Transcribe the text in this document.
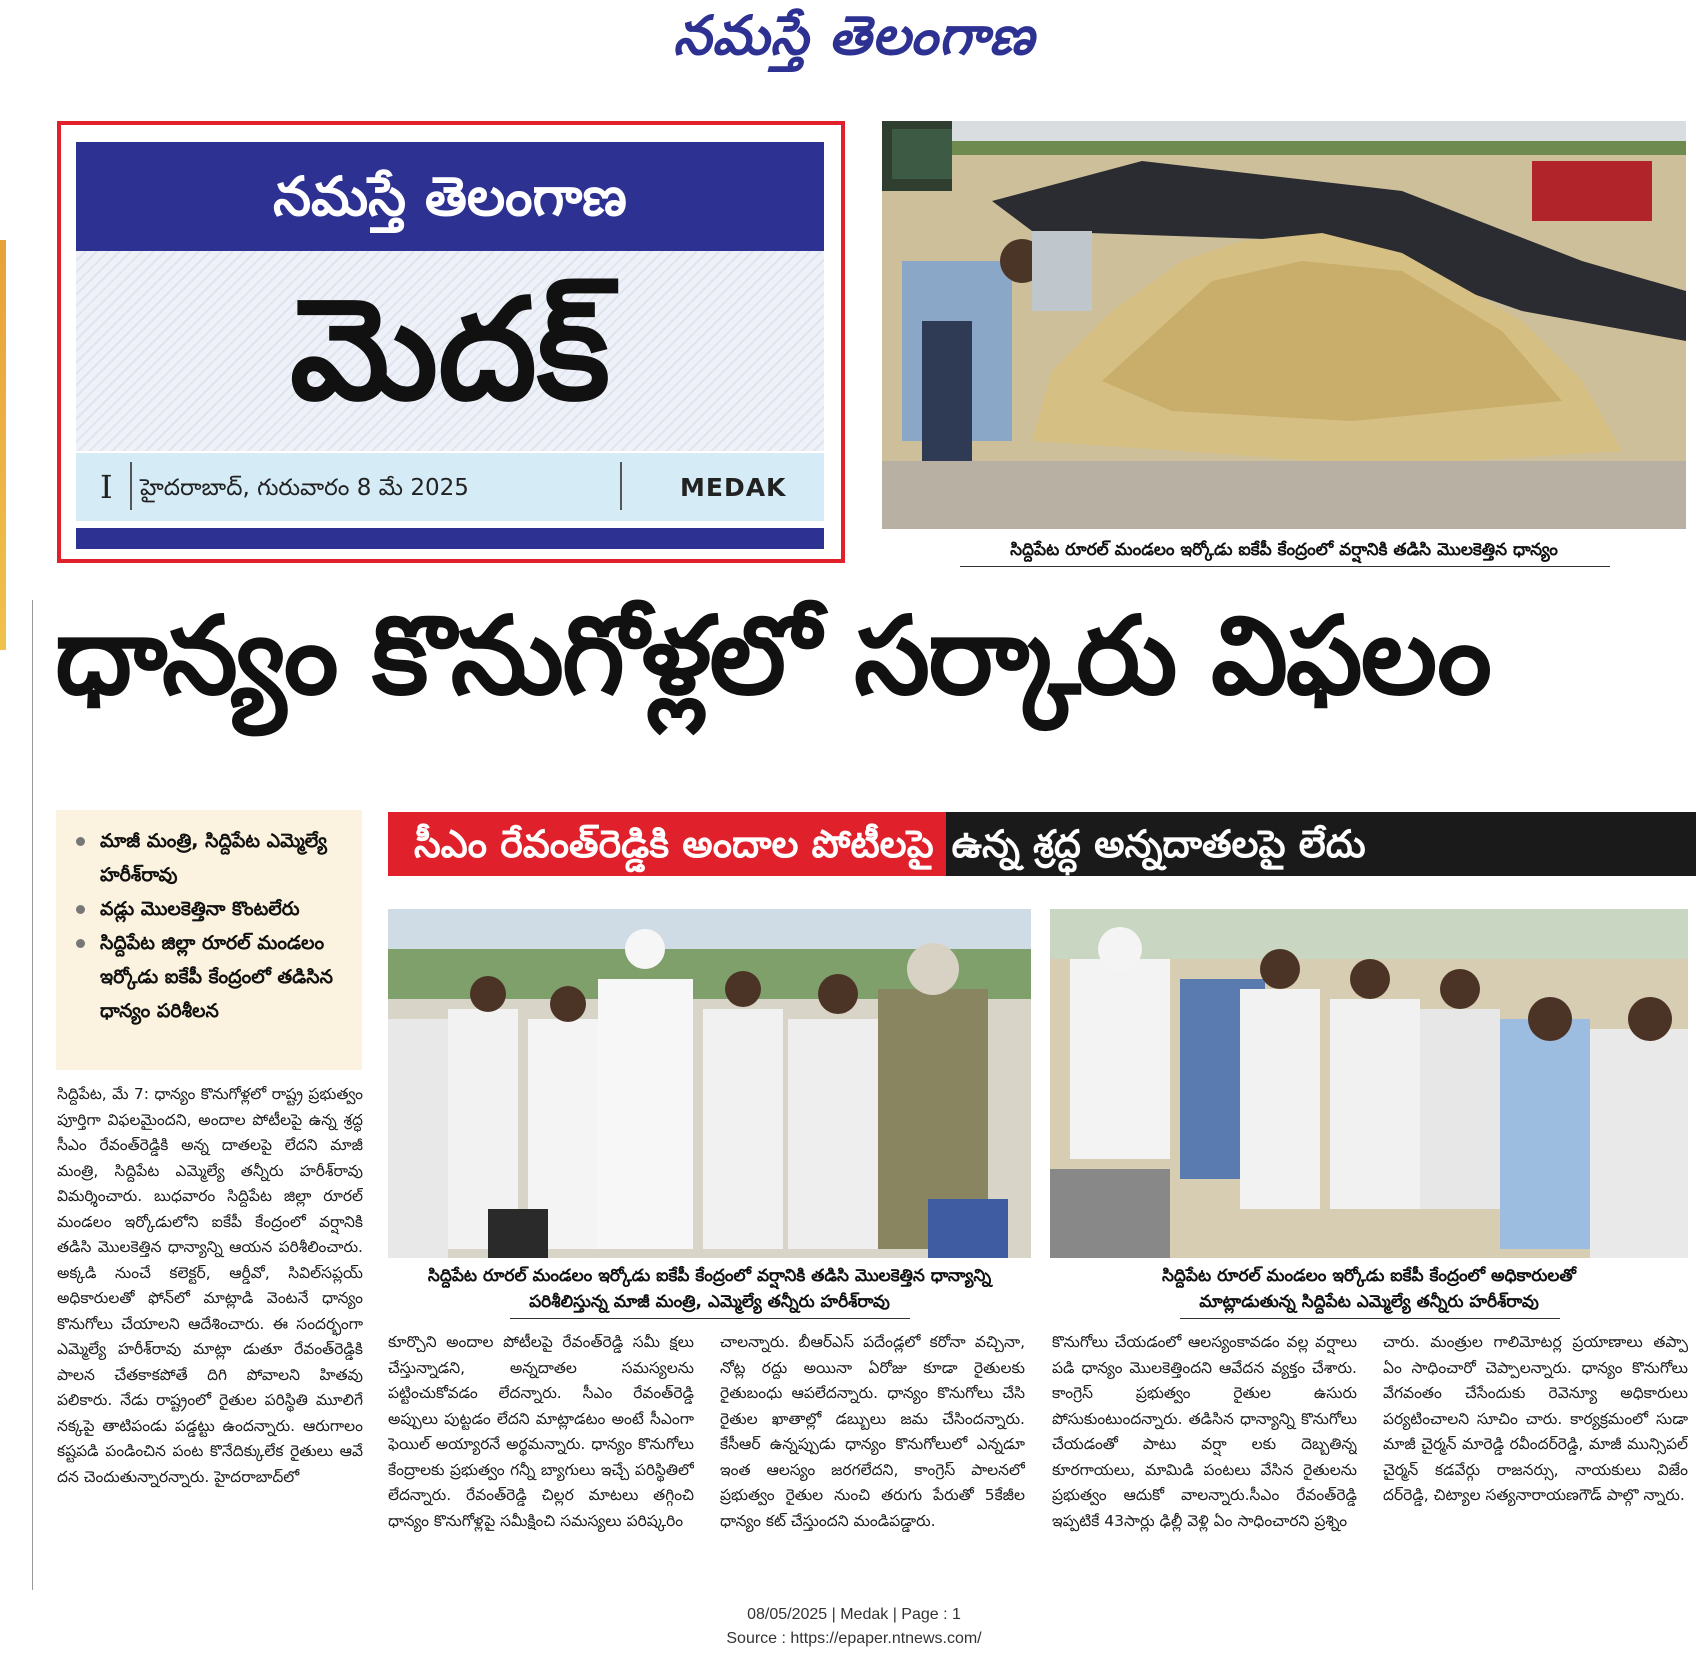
నమస్తే తెలంగాణ
నమస్తే తెలంగాణ
మెదక్
I హైదరాబాద్, గురువారం 8 మే 2025	MEDAK
సిద్దిపేట రూరల్ మండలం ఇర్కోడు ఐకేపీ కేంద్రంలో వర్షానికి తడిసి మొలకెత్తిన ధాన్యం
ధాన్యం కొనుగోళ్లలో సర్కారు విఫలం
మాజీ మంత్రి, సిద్దిపేట ఎమ్మెల్యే హరీశ్‌రావు
వడ్లు మొలకెత్తినా కొంటలేరు
సిద్దిపేట జిల్లా రూరల్ మండలం ఇర్కోడు ఐకేపీ కేంద్రంలో తడిసిన ధాన్యం పరిశీలన
సీఎం రేవంత్‌రెడ్డికి అందాల పోటీలపై ఉన్న శ్రద్ధ అన్నదాతలపై లేదు
సిద్దిపేట రూరల్ మండలం ఇర్కోడు ఐకేపీ కేంద్రంలో వర్షానికి తడిసి మొలకెత్తిన ధాన్యాన్ని
పరిశీలిస్తున్న మాజీ మంత్రి, ఎమ్మెల్యే తన్నీరు హరీశ్‌రావు
సిద్దిపేట రూరల్ మండలం ఇర్కోడు ఐకేపీ కేంద్రంలో అధికారులతో
మాట్లాడుతున్న సిద్దిపేట ఎమ్మెల్యే తన్నీరు హరీశ్‌రావు
సిద్దిపేట, మే 7: ధాన్యం కొనుగోళ్లలో రాష్ట్ర ప్రభుత్వం పూర్తిగా విఫలమైందని, అందాల పోటీలపై ఉన్న శ్రద్ధ సీఎం రేవంత్‌రెడ్డికి అన్న దాతలపై లేదని మాజీ మంత్రి, సిద్దిపేట ఎమ్మెల్యే తన్నీరు హరీశ్‌రావు విమర్శించారు. బుధవారం సిద్దిపేట జిల్లా రూరల్ మండలం ఇర్కోడులోని ఐకేపీ కేంద్రంలో వర్షానికి తడిసి మొలకెత్తిన ధాన్యాన్ని ఆయన పరిశీలించారు. అక్కడి నుంచే కలెక్టర్, ఆర్డీవో, సివిల్‌సప్లయ్ అధికారులతో ఫోన్‌లో మాట్లాడి వెంటనే ధాన్యం కొనుగోలు చేయాలని ఆదేశించారు. ఈ సందర్భంగా ఎమ్మెల్యే హరీశ్‌రావు మాట్లా డుతూ రేవంత్‌రెడ్డికి పాలన చేతకాకపోతే దిగి పోవాలని హితవు పలికారు. నేడు రాష్ట్రంలో రైతుల పరిస్థితి మూలిగే నక్కపై తాటిపండు పడ్డట్టు ఉందన్నారు. ఆరుగాలం కష్టపడి పండించిన పంట కొనేదిక్కులేక రైతులు ఆవే దన చెందుతున్నారన్నారు. హైదరాబాద్‌లో
కూర్చొని అందాల పోటీలపై రేవంత్‌రెడ్డి సమీ క్షలు చేస్తున్నాడని, అన్నదాతల సమస్యలను పట్టించుకోవడం లేదన్నారు. సీఎం రేవంత్‌రెడ్డి అప్పులు పుట్టడం లేదని మాట్లాడటం అంటే సీఎంగా ఫెయిల్ అయ్యారనే అర్థమన్నారు. ధాన్యం కొనుగోలు కేంద్రాలకు ప్రభుత్వం గన్నీ బ్యాగులు ఇచ్చే పరిస్థితిలో లేదన్నారు. రేవంత్‌రెడ్డి చిల్లర మాటలు తగ్గించి ధాన్యం కొనుగోళ్లపై సమీక్షించి సమస్యలు పరిష్కరిం
చాలన్నారు. బీఆర్‌ఎస్ పదేండ్లలో కరోనా వచ్చినా, నోట్ల రద్దు అయినా ఏరోజు కూడా రైతులకు రైతుబంధు ఆపలేదన్నారు. ధాన్యం కొనుగోలు చేసి రైతుల ఖాతాల్లో డబ్బులు జమ చేసిందన్నారు. కేసీఆర్ ఉన్నప్పుడు ధాన్యం కొనుగోలులో ఎన్నడూ ఇంత ఆలస్యం జరగలేదని, కాంగ్రెస్ పాలనలో ప్రభుత్వం రైతుల నుంచి తరుగు పేరుతో 5కేజీల ధాన్యం కట్ చేస్తుందని మండిపడ్డారు.
కొనుగోలు చేయడంలో ఆలస్యంకావడం వల్ల వర్షాలు పడి ధాన్యం మొలకెత్తిందని ఆవేదన వ్యక్తం చేశారు. కాంగ్రెస్ ప్రభుత్వం రైతుల ఉసురు పోసుకుంటుందన్నారు. తడిసిన ధాన్యాన్ని కొనుగోలు చేయడంతో పాటు వర్షా లకు దెబ్బతిన్న కూరగాయలు, మామిడి పంటలు వేసిన రైతులను ప్రభుత్వం ఆదుకో వాలన్నారు.సీఎం రేవంత్‌రెడ్డి ఇప్పటికే 43సార్లు ఢిల్లీ వెళ్లి ఏం సాధించారని ప్రశ్నిం
చారు. మంత్రుల గాలిమోటర్ల ప్రయాణాలు తప్పా ఏం సాధించారో చెప్పాలన్నారు. ధాన్యం కొనుగోలు వేగవంతం చేసేందుకు రెవెన్యూ అధికారులు పర్యటించాలని సూచిం చారు. కార్యక్రమంలో సుడా మాజీ చైర్మన్ మారెడ్డి రవీందర్‌రెడ్డి, మాజీ మున్సిపల్ చైర్మన్ కడవేర్గు రాజనర్సు, నాయకులు విజేం దర్‌రెడ్డి, చిట్యాల సత్యనారాయణగౌడ్ పాల్గొ న్నారు.
08/05/2025 | Medak | Page : 1
Source : https://epaper.ntnews.com/
